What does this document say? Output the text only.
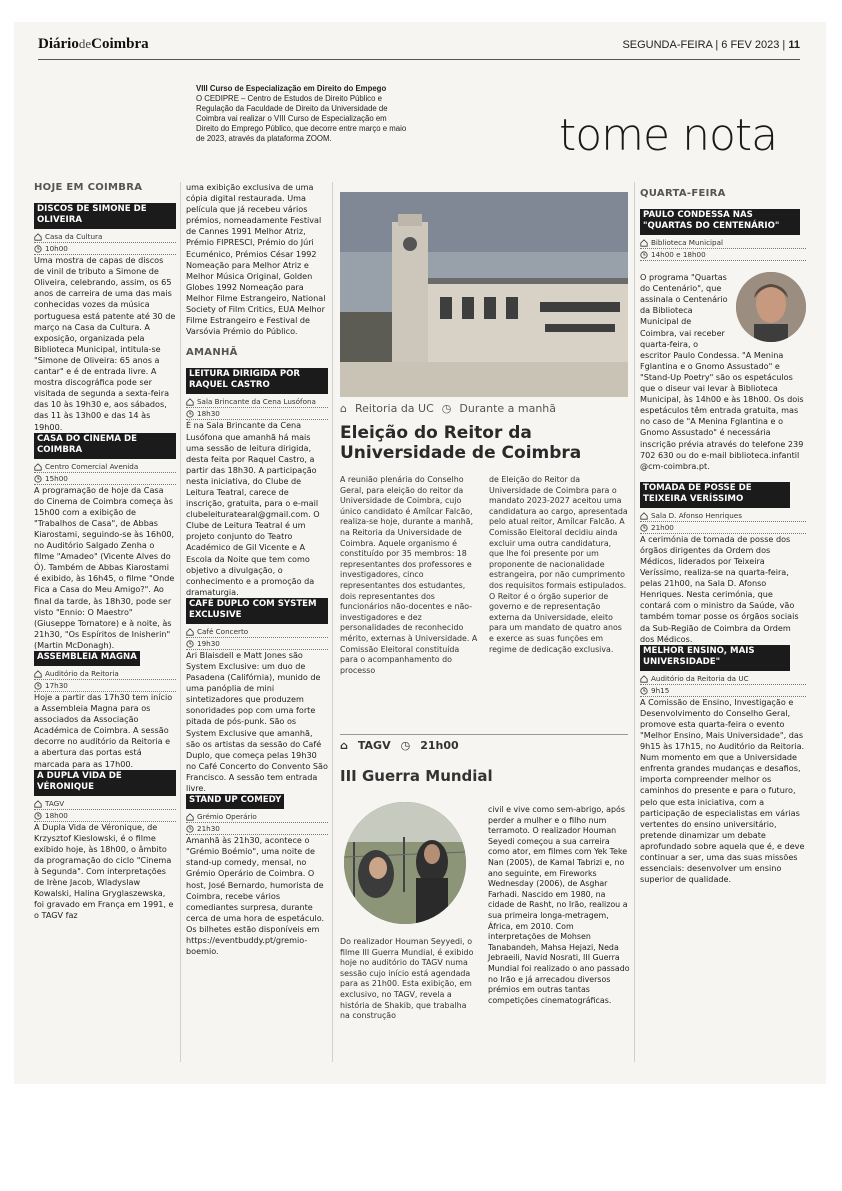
DiáriodeCoimbra	SEGUNDA-FEIRA | 6 FEV 2023 | 11
VIII Curso de Especialização em Direito do Empego
O CEDIPRE – Centro de Estudos de Direito Público e Regulação da Faculdade de Direito da Universidade de Coimbra vai realizar o VIII Curso de Especialização em Direito do Emprego Público, que decorre entre março e maio de 2023, através da plataforma ZOOM.	tome nota
HOJE EM COIMBRA
DISCOS DE SIMONE DE OLIVEIRA
Casa da Cultura
10h00

Uma mostra de capas de discos de vinil de tributo a Simone de Oliveira, celebrando, assim, os 65 anos de carreira de uma das mais conhecidas vozes da música portuguesa está patente até 30 de março na Casa da Cultura. A exposição, organizada pela Biblioteca Municipal, intitula-se "Simone de Oliveira: 65 anos a cantar" e é de entrada livre. A mostra discográfica pode ser visitada de segunda a sexta-feira das 10 às 19h30 e, aos sábados, das 11 às 13h00 e das 14 às 19h00.

CASA DO CINEMA DE COIMBRA
Centro Comercial Avenida
15h00

A programação de hoje da Casa do Cinema de Coimbra começa às 15h00 com a exibição de "Trabalhos de Casa", de Abbas Kiarostami, seguindo-se às 16h00, no Auditório Salgado Zenha o filme "Amadeo" (Vicente Alves do Ó). Também de Abbas Kiarostami é exibido, às 16h45, o filme "Onde Fica a Casa do Meu Amigo?". Ao final da tarde, às 18h30, pode ser visto "Ennio: O Maestro" (Giuseppe Tornatore) e à noite, às 21h30, "Os Espíritos de Inisherin" (Martin McDonagh).

ASSEMBLEIA MAGNA
Auditório da Reitoria
17h30

Hoje a partir das 17h30 tem início a Assembleia Magna para os associados da Associação Académica de Coimbra. A sessão decorre no auditório da Reitoria e a abertura das portas está marcada para as 17h00.

A DUPLA VIDA DE VÉRONIQUE
TAGV
18h00

A Dupla Vida de Véronique, de Krzysztof Kieslowski, é o filme exibido hoje, às 18h00, o âmbito da programação do ciclo "Cinema à Segunda". Com interpretações de Irène Jacob, Wladyslaw Kowalski, Halina Gryglaszewska, foi gravado em França em 1991, e o TAGV faz

uma exibição exclusiva de uma cópia digital restaurada. Uma película que já recebeu vários prémios, nomeadamente Festival de Cannes 1991 Melhor Atriz, Prémio FIPRESCI, Prémio do Júri Ecuménico, Prémios César 1992 Nomeação para Melhor Atriz e Melhor Música Original, Golden Globes 1992 Nomeação para Melhor Filme Estrangeiro, National Society of Film Critics, EUA Melhor Filme Estrangeiro e Festival de Varsóvia Prémio do Público.

AMANHÃ
LEITURA DIRIGIDA POR RAQUEL CASTRO
Sala Brincante da Cena Lusófona
18h30

É na Sala Brincante da Cena Lusófona que amanhã há mais uma sessão de leitura dirigida, desta feita por Raquel Castro, a partir das 18h30. A participação nesta iniciativa, do Clube de Leitura Teatral, carece de inscrição, gratuita, para o e-mail clubeleituratearal@gmail.com. O Clube de Leitura Teatral é um projeto conjunto do Teatro Académico de Gil Vicente e A Escola da Noite que tem como objetivo a divulgação, o conhecimento e a promoção da dramaturgia.

CAFÉ DUPLO COM SYSTEM EXCLUSIVE
Café Concerto
19h30

Ari Blaisdell e Matt Jones são System Exclusive: um duo de Pasadena (Califórnia), munido de uma panóplia de mini sintetizadores que produzem sonoridades pop com uma forte pitada de pós-punk. São os System Exclusive que amanhã, são os artistas da sessão do Café Duplo, que começa pelas 19h30 no Café Concerto do Convento São Francisco. A sessão tem entrada livre.

STAND UP COMEDY
Grémio Operário
21h30

Amanhã às 21h30, acontece o "Grémio Boémio", uma noite de stand-up comedy, mensal, no Grémio Operário de Coimbra. O host, José Bernardo, humorista de Coimbra, recebe vários comediantes surpresa, durante cerca de uma hora de espetáculo. Os bilhetes estão disponíveis em https://eventbuddy.pt/gremio-boemio.

⌂ Reitoria da UC ◷ Durante a manhã
Eleição do Reitor da Universidade de Coimbra
A reunião plenária do Conselho Geral, para eleição do reitor da Universidade de Coimbra, cujo único candidato é Amílcar Falcão, realiza-se hoje, durante a manhã, na Reitoria da Universidade de Coimbra. Aquele organismo é constituído por 35 membros: 18 representantes dos professores e investigadores, cinco representantes dos estudantes, dois representantes dos funcionários não-docentes e não-investigadores e dez personalidades de reconhecido mérito, externas à Universidade. A Comissão Eleitoral constituída para o acompanhamento do processo
de Eleição do Reitor da Universidade de Coimbra para o mandato 2023-2027 aceitou uma candidatura ao cargo, apresentada pelo atual reitor, Amílcar Falcão. A Comissão Eleitoral decidiu ainda excluir uma outra candidatura, que lhe foi presente por um proponente de nacionalidade estrangeira, por não cumprimento dos requisitos formais estipulados. O Reitor é o órgão superior de governo e de representação externa da Universidade, eleito para um mandato de quatro anos e exerce as suas funções em regime de dedicação exclusiva.
⌂ TAGV ◷ 21h00
III Guerra Mundial
Do realizador Houman Seyyedi, o filme III Guerra Mundial, é exibido hoje no auditório do TAGV numa sessão cujo início está agendada para as 21h00. Esta exibição, em exclusivo, no TAGV, revela a história de Shakib, que trabalha na construção
civil e vive como sem-abrigo, após perder a mulher e o filho num terramoto. O realizador Houman Seyedi começou a sua carreira como ator, em filmes com Yek Teke Nan (2005), de Kamal Tabrizi e, no ano seguinte, em Fireworks Wednesday (2006), de Asghar Farhadi. Nascido em 1980, na cidade de Rasht, no Irão, realizou a sua primeira longa-metragem, África, em 2010. Com interpretações de Mohsen Tanabandeh, Mahsa Hejazi, Neda Jebraeili, Navid Nosrati, III Guerra Mundial foi realizado o ano passado no Irão e já arrecadou diversos prémios em outras tantas competições cinematográficas.
QUARTA-FEIRA
PAULO CONDESSA NAS "QUARTAS DO CENTENÁRIO"
Biblioteca Municipal
14h00 e 18h00

O programa "Quartas do Centenário", que assinala o Centenário da Biblioteca Municipal de Coimbra, vai receber quarta-feira, o escritor Paulo Condessa. "A Menina Fglantina e o Gnomo Assustado" e "Stand-Up Poetry" são os espetáculos que o diseur vai levar à Biblioteca Municipal, às 14h00 e às 18h00. Os dois espetáculos têm entrada gratuita, mas no caso de "A Menina Fglantina e o Gnomo Assustado" é necessária inscrição prévia através do telefone 239 702 630 ou do e-mail biblioteca.infantil @cm-coimbra.pt.

TOMADA DE POSSE DE TEIXEIRA VERÍSSIMO
Sala D. Afonso Henriques
21h00

A cerimónia de tomada de posse dos órgãos dirigentes da Ordem dos Médicos, liderados por Teixeira Veríssimo, realiza-se na quarta-feira, pelas 21h00, na Sala D. Afonso Henriques. Nesta cerimónia, que contará com o ministro da Saúde, vão também tomar posse os órgãos sociais da Sub-Região de Coimbra da Ordem dos Médicos.

MELHOR ENSINO, MAIS UNIVERSIDADE"
Auditório da Reitoria da UC
9h15

A Comissão de Ensino, Investigação e Desenvolvimento do Conselho Geral, promove esta quarta-feira o evento "Melhor Ensino, Mais Universidade", das 9h15 às 17h15, no Auditório da Reitoria. Num momento em que a Universidade enfrenta grandes mudanças e desafios, importa compreender melhor os caminhos do presente e para o futuro, pelo que esta iniciativa, com a participação de especialistas em várias vertentes do ensino universitário, pretende dinamizar um debate aprofundado sobre aquela que é, e deve continuar a ser, uma das suas missões essenciais: desenvolver um ensino superior de qualidade.
